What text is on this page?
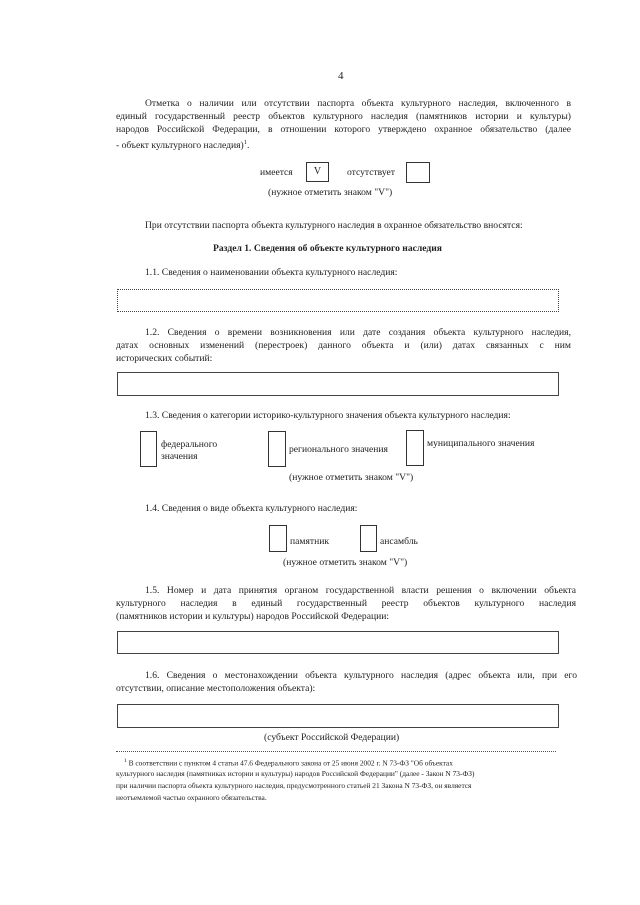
4
Отметка о наличии или отсутствии паспорта объекта культурного наследия, включенного в
единый государственный реестр объектов культурного наследия (памятников истории и культуры)
народов Российской Федерации, в отношении которого утверждено охранное обязательство (далее
- объект культурного наследия)$^1$.
имеется	V	отсутствует
(нужное отметить знаком "V")
При отсутствии паспорта объекта культурного наследия в охранное обязательство вносятся:
Раздел 1. Сведения об объекте культурного наследия
1.1. Сведения о наименовании объекта культурного наследия:
1.2. Сведения о времени возникновения или дате создания объекта культурного наследия,
датах основных изменений (перестроек) данного объекта и (или) датах связанных с ним
исторических событий:
1.3. Сведения о категории историко-культурного значения объекта культурного наследия:
федерального
значения
регионального значения
муниципального значения
(нужное отметить знаком "V")
1.4. Сведения о виде объекта культурного наследия:
памятник	ансамбль
(нужное отметить знаком "V")
1.5. Номер и дата принятия органом государственной власти решения о включении объекта
культурного наследия в единый государственный реестр объектов культурного наследия
(памятников истории и культуры) народов Российской Федерации:
1.6. Сведения о местонахождении объекта культурного наследия (адрес объекта или, при его
отсутствии, описание местоположения объекта):
(субъект Российской Федерации)
$^1$ В соответствии с пунктом 4 статьи 47.6 Федерального закона от 25 июня 2002 г. N 73-ФЗ "Об объектах
культурного наследия (памятниках истории и культуры) народов Российской Федерации" (далее - Закон N 73-ФЗ)
при наличии паспорта объекта культурного наследия, предусмотренного статьей 21 Закона N 73-ФЗ, он является
неотъемлемой частью охранного обязательства.
